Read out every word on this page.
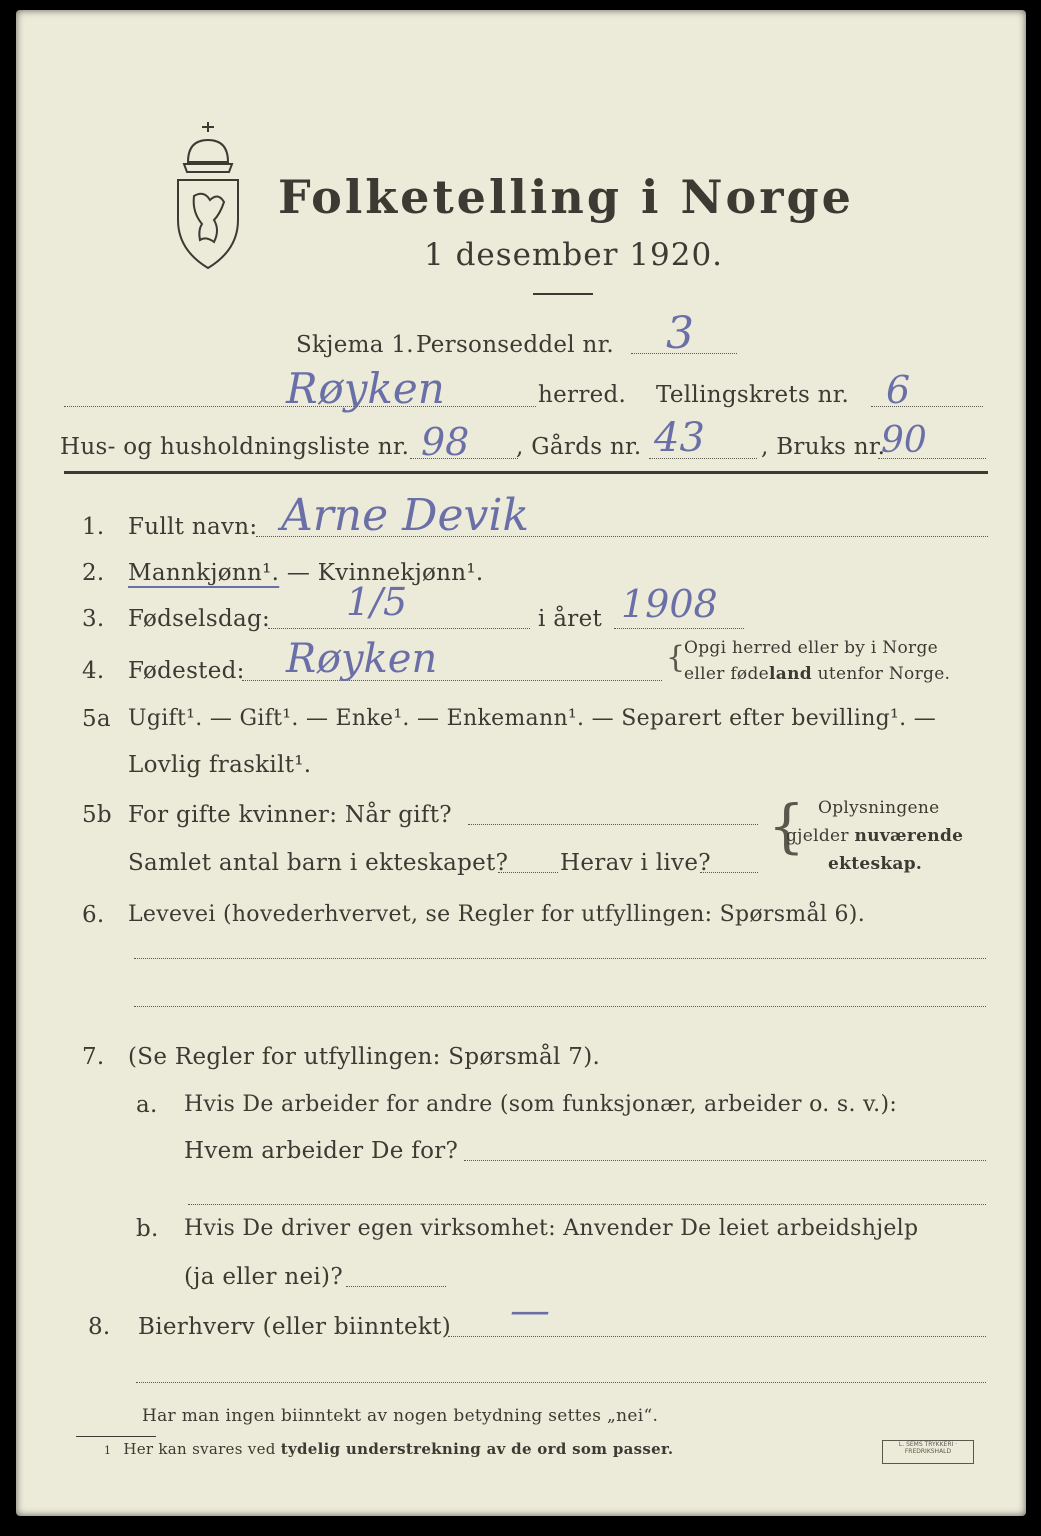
Folketelling i Norge
1 desember 1920.
Skjema 1. Personseddel nr. 3
Røyken	herred. Tellingskrets nr. 6
Hus- og husholdningsliste nr. 98 , Gårds nr. 43 , Bruks nr.
90
1. Fullt navn: Arne Devik
2. Mannkjønn¹. — Kvinnekjønn¹.
3. Fødselsdag: 1/5	i året 1908
4. Fødested: Røyken	{
Opgi herred eller by i Norge
eller fødeland utenfor Norge.
5a Ugift¹. — Gift¹. — Enke¹. — Enkemann¹. — Separert efter bevilling¹. —
Lovlig fraskilt¹.
5b For gifte kvinner: Når gift?
Samlet antal barn i ekteskapet? Herav i live?
{ Oplysningene
gjelder nuværende
ekteskap.
6. Levevei (hovederhvervet, se Regler for utfyllingen: Spørsmål 6).
7. (Se Regler for utfyllingen: Spørsmål 7).
a. Hvis De arbeider for andre (som funksjonær, arbeider o. s. v.):
Hvem arbeider De for?
b. Hvis De driver egen virksomhet: Anvender De leiet arbeidshjelp
(ja eller nei)?
8. Bierhverv (eller biinntekt) —
Har man ingen biinntekt av nogen betydning settes „nei“.
1 Her kan svares ved tydelig understrekning av de ord som passer.	L. SEMS TRYKKERI · FREDRIKSHALD
